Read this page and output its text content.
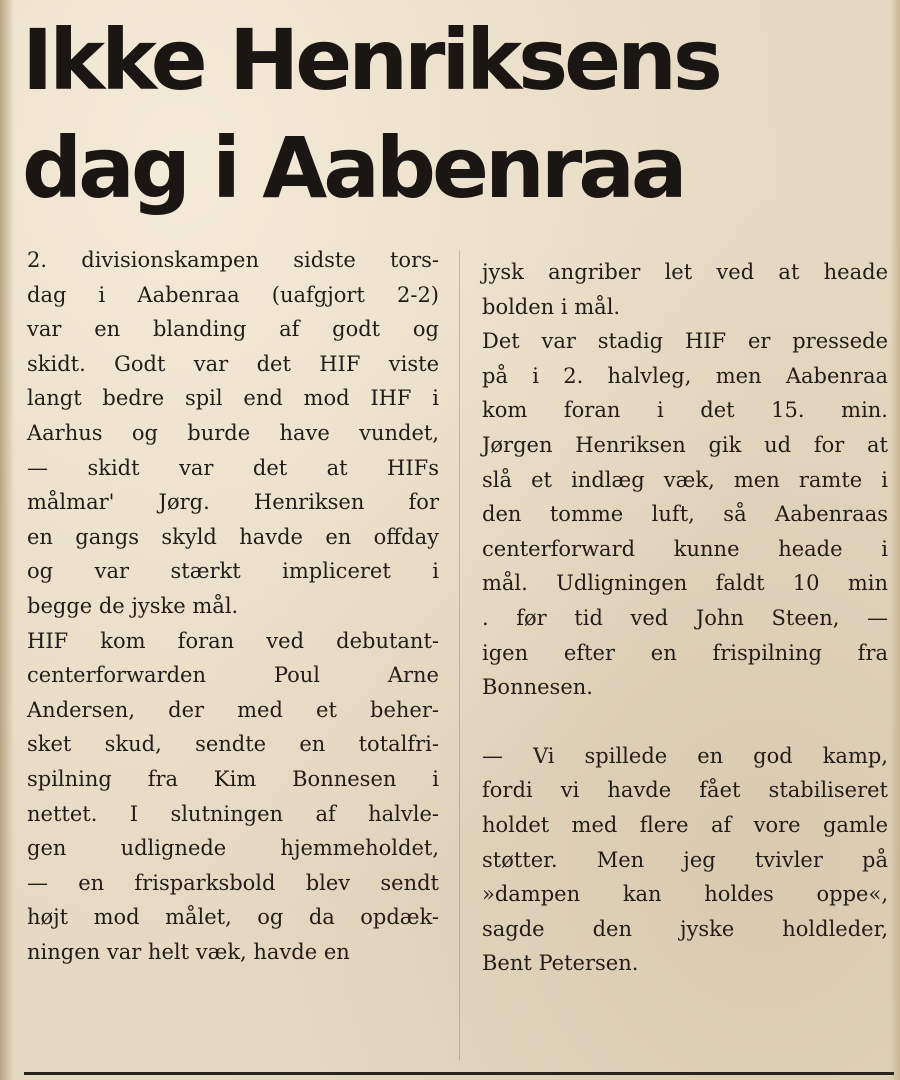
Ikke Henriksens
dag i Aabenraa
2. divisionskampen sidste tors-
dag i Aabenraa (uafgjort 2-2)
var en blanding af godt og
skidt. Godt var det HIF viste
langt bedre spil end mod IHF i
Aarhus og burde have vundet,
— skidt var det at HIFs
målmar' Jørg. Henriksen for
en gangs skyld havde en offday
og var stærkt impliceret i
begge de jyske mål.
HIF kom foran ved debutant-
centerforwarden Poul Arne
Andersen, der med et beher-
sket skud, sendte en totalfri-
spilning fra Kim Bonnesen i
nettet. I slutningen af halvle-
gen udlignede hjemmeholdet,
— en frisparksbold blev sendt
højt mod målet, og da opdæk-
ningen var helt væk, havde en
jysk angriber let ved at heade
bolden i mål.
Det var stadig HIF er pressede
på i 2. halvleg, men Aabenraa
kom foran i det 15. min.
Jørgen Henriksen gik ud for at
slå et indlæg væk, men ramte i
den tomme luft, så Aabenraas
centerforward kunne heade i
mål. Udligningen faldt 10 min
. før tid ved John Steen, —
igen efter en frispilning fra
Bonnesen.
— Vi spillede en god kamp,
fordi vi havde fået stabiliseret
holdet med flere af vore gamle
støtter. Men jeg tvivler på
»dampen kan holdes oppe«,
sagde den jyske holdleder,
Bent Petersen.
